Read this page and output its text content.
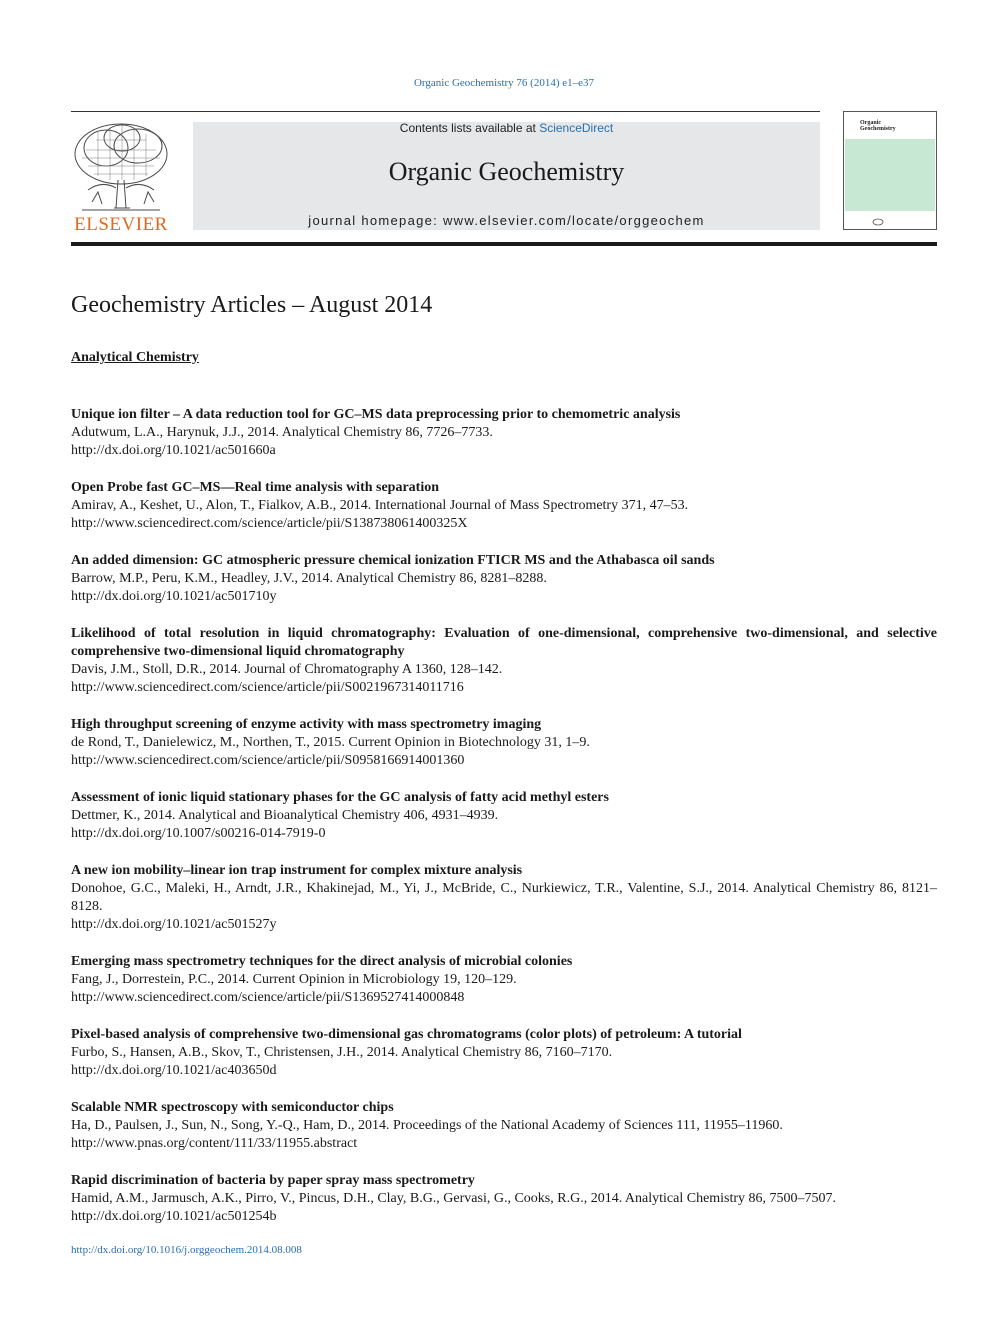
Organic Geochemistry 76 (2014) e1–e37
ELSEVIER
Contents lists available at ScienceDirect
Organic Geochemistry
journal homepage: www.elsevier.com/locate/orggeochem
Organic
Geochemistry
Geochemistry Articles – August 2014
Analytical Chemistry
Unique ion filter – A data reduction tool for GC–MS data preprocessing prior to chemometric analysis
Adutwum, L.A., Harynuk, J.J., 2014. Analytical Chemistry 86, 7726–7733.
http://dx.doi.org/10.1021/ac501660a
Open Probe fast GC–MS—Real time analysis with separation
Amirav, A., Keshet, U., Alon, T., Fialkov, A.B., 2014. International Journal of Mass Spectrometry 371, 47–53.
http://www.sciencedirect.com/science/article/pii/S138738061400325X
An added dimension: GC atmospheric pressure chemical ionization FTICR MS and the Athabasca oil sands
Barrow, M.P., Peru, K.M., Headley, J.V., 2014. Analytical Chemistry 86, 8281–8288.
http://dx.doi.org/10.1021/ac501710y
Likelihood of total resolution in liquid chromatography: Evaluation of one-dimensional, comprehensive two-dimensional, and selective comprehensive two-dimensional liquid chromatography
Davis, J.M., Stoll, D.R., 2014. Journal of Chromatography A 1360, 128–142.
http://www.sciencedirect.com/science/article/pii/S0021967314011716
High throughput screening of enzyme activity with mass spectrometry imaging
de Rond, T., Danielewicz, M., Northen, T., 2015. Current Opinion in Biotechnology 31, 1–9.
http://www.sciencedirect.com/science/article/pii/S0958166914001360
Assessment of ionic liquid stationary phases for the GC analysis of fatty acid methyl esters
Dettmer, K., 2014. Analytical and Bioanalytical Chemistry 406, 4931–4939.
http://dx.doi.org/10.1007/s00216-014-7919-0
A new ion mobility–linear ion trap instrument for complex mixture analysis
Donohoe, G.C., Maleki, H., Arndt, J.R., Khakinejad, M., Yi, J., McBride, C., Nurkiewicz, T.R., Valentine, S.J., 2014. Analytical Chemistry 86, 8121–8128.
http://dx.doi.org/10.1021/ac501527y
Emerging mass spectrometry techniques for the direct analysis of microbial colonies
Fang, J., Dorrestein, P.C., 2014. Current Opinion in Microbiology 19, 120–129.
http://www.sciencedirect.com/science/article/pii/S1369527414000848
Pixel-based analysis of comprehensive two-dimensional gas chromatograms (color plots) of petroleum: A tutorial
Furbo, S., Hansen, A.B., Skov, T., Christensen, J.H., 2014. Analytical Chemistry 86, 7160–7170.
http://dx.doi.org/10.1021/ac403650d
Scalable NMR spectroscopy with semiconductor chips
Ha, D., Paulsen, J., Sun, N., Song, Y.-Q., Ham, D., 2014. Proceedings of the National Academy of Sciences 111, 11955–11960.
http://www.pnas.org/content/111/33/11955.abstract
Rapid discrimination of bacteria by paper spray mass spectrometry
Hamid, A.M., Jarmusch, A.K., Pirro, V., Pincus, D.H., Clay, B.G., Gervasi, G., Cooks, R.G., 2014. Analytical Chemistry 86, 7500–7507.
http://dx.doi.org/10.1021/ac501254b
http://dx.doi.org/10.1016/j.orggeochem.2014.08.008
